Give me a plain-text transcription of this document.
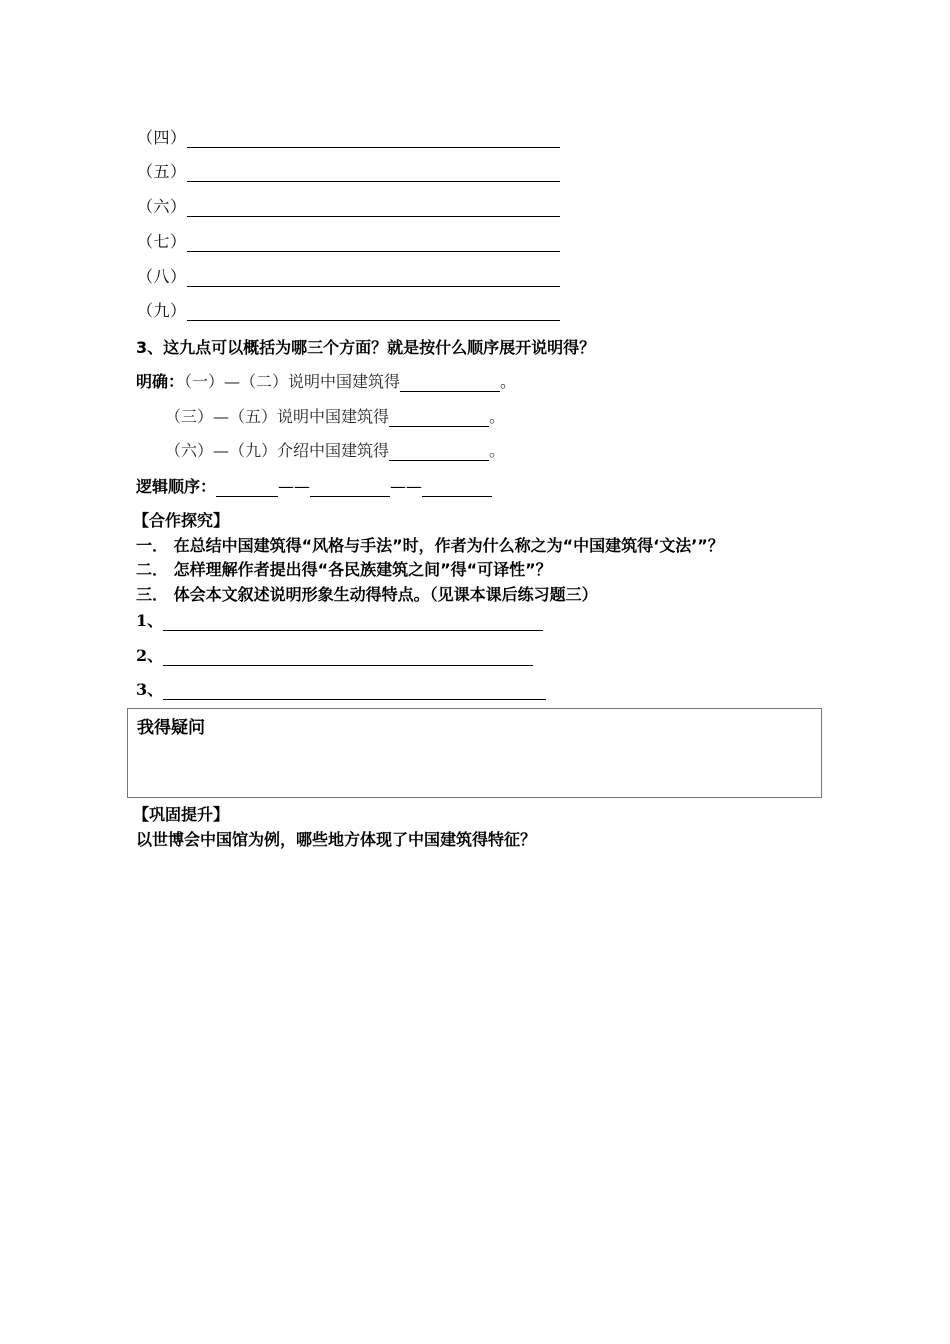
（四）
（五）
（六）
（七）
（八）
（九）
3、这九点可以概括为哪三个方面？就是按什么顺序展开说明得？
明确：（一）—（二）说明中国建筑得	。
（三）—（五）说明中国建筑得	。
（六）—（九）介绍中国建筑得	。
逻辑顺序：	——	——
【合作探究】
一． 在总结中国建筑得“风格与手法”时，作者为什么称之为“中国建筑得‘文法’”？
二． 怎样理解作者提出得“各民族建筑之间”得“可译性”？
三． 体会本文叙述说明形象生动得特点。（见课本课后练习题三）
1、
2、
3、
我得疑问
【巩固提升】
以世博会中国馆为例，哪些地方体现了中国建筑得特征？
